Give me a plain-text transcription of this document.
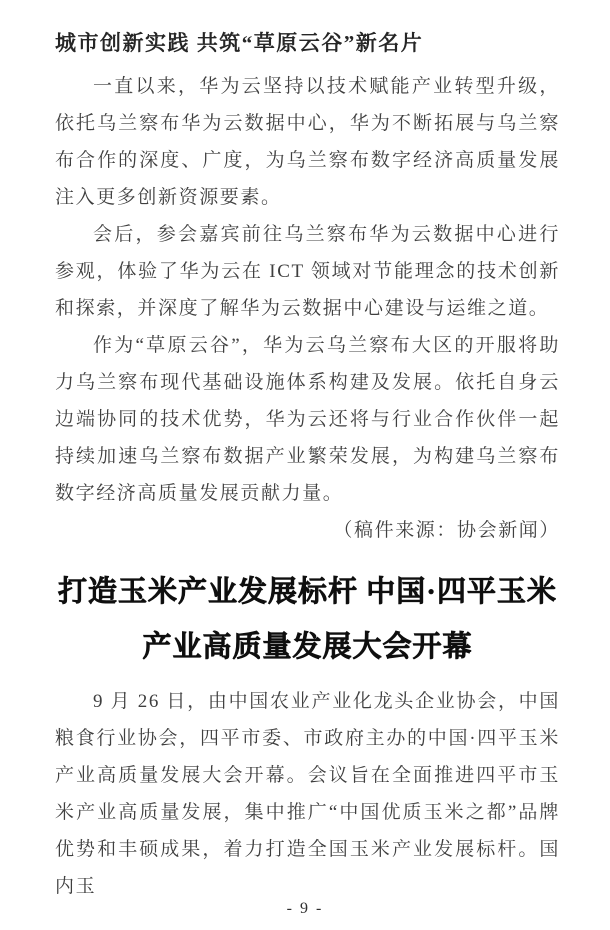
城市创新实践 共筑“草原云谷”新名片

一直以来，华为云坚持以技术赋能产业转型升级，依托乌兰察布华为云数据中心，华为不断拓展与乌兰察布合作的深度、广度，为乌兰察布数字经济高质量发展注入更多创新资源要素。

会后，参会嘉宾前往乌兰察布华为云数据中心进行参观，体验了华为云在 ICT 领域对节能理念的技术创新和探索，并深度了解华为云数据中心建设与运维之道。

作为“草原云谷”，华为云乌兰察布大区的开服将助力乌兰察布现代基础设施体系构建及发展。依托自身云边端协同的技术优势，华为云还将与行业合作伙伴一起持续加速乌兰察布数据产业繁荣发展，为构建乌兰察布数字经济高质量发展贡献力量。

（稿件来源：协会新闻）

打造玉米产业发展标杆 中国·四平玉米产业高质量发展大会开幕

9 月 26 日，由中国农业产业化龙头企业协会，中国粮食行业协会，四平市委、市政府主办的中国·四平玉米产业高质量发展大会开幕。会议旨在全面推进四平市玉米产业高质量发展，集中推广“中国优质玉米之都”品牌优势和丰硕成果，着力打造全国玉米产业发展标杆。国内玉

- 9 -
